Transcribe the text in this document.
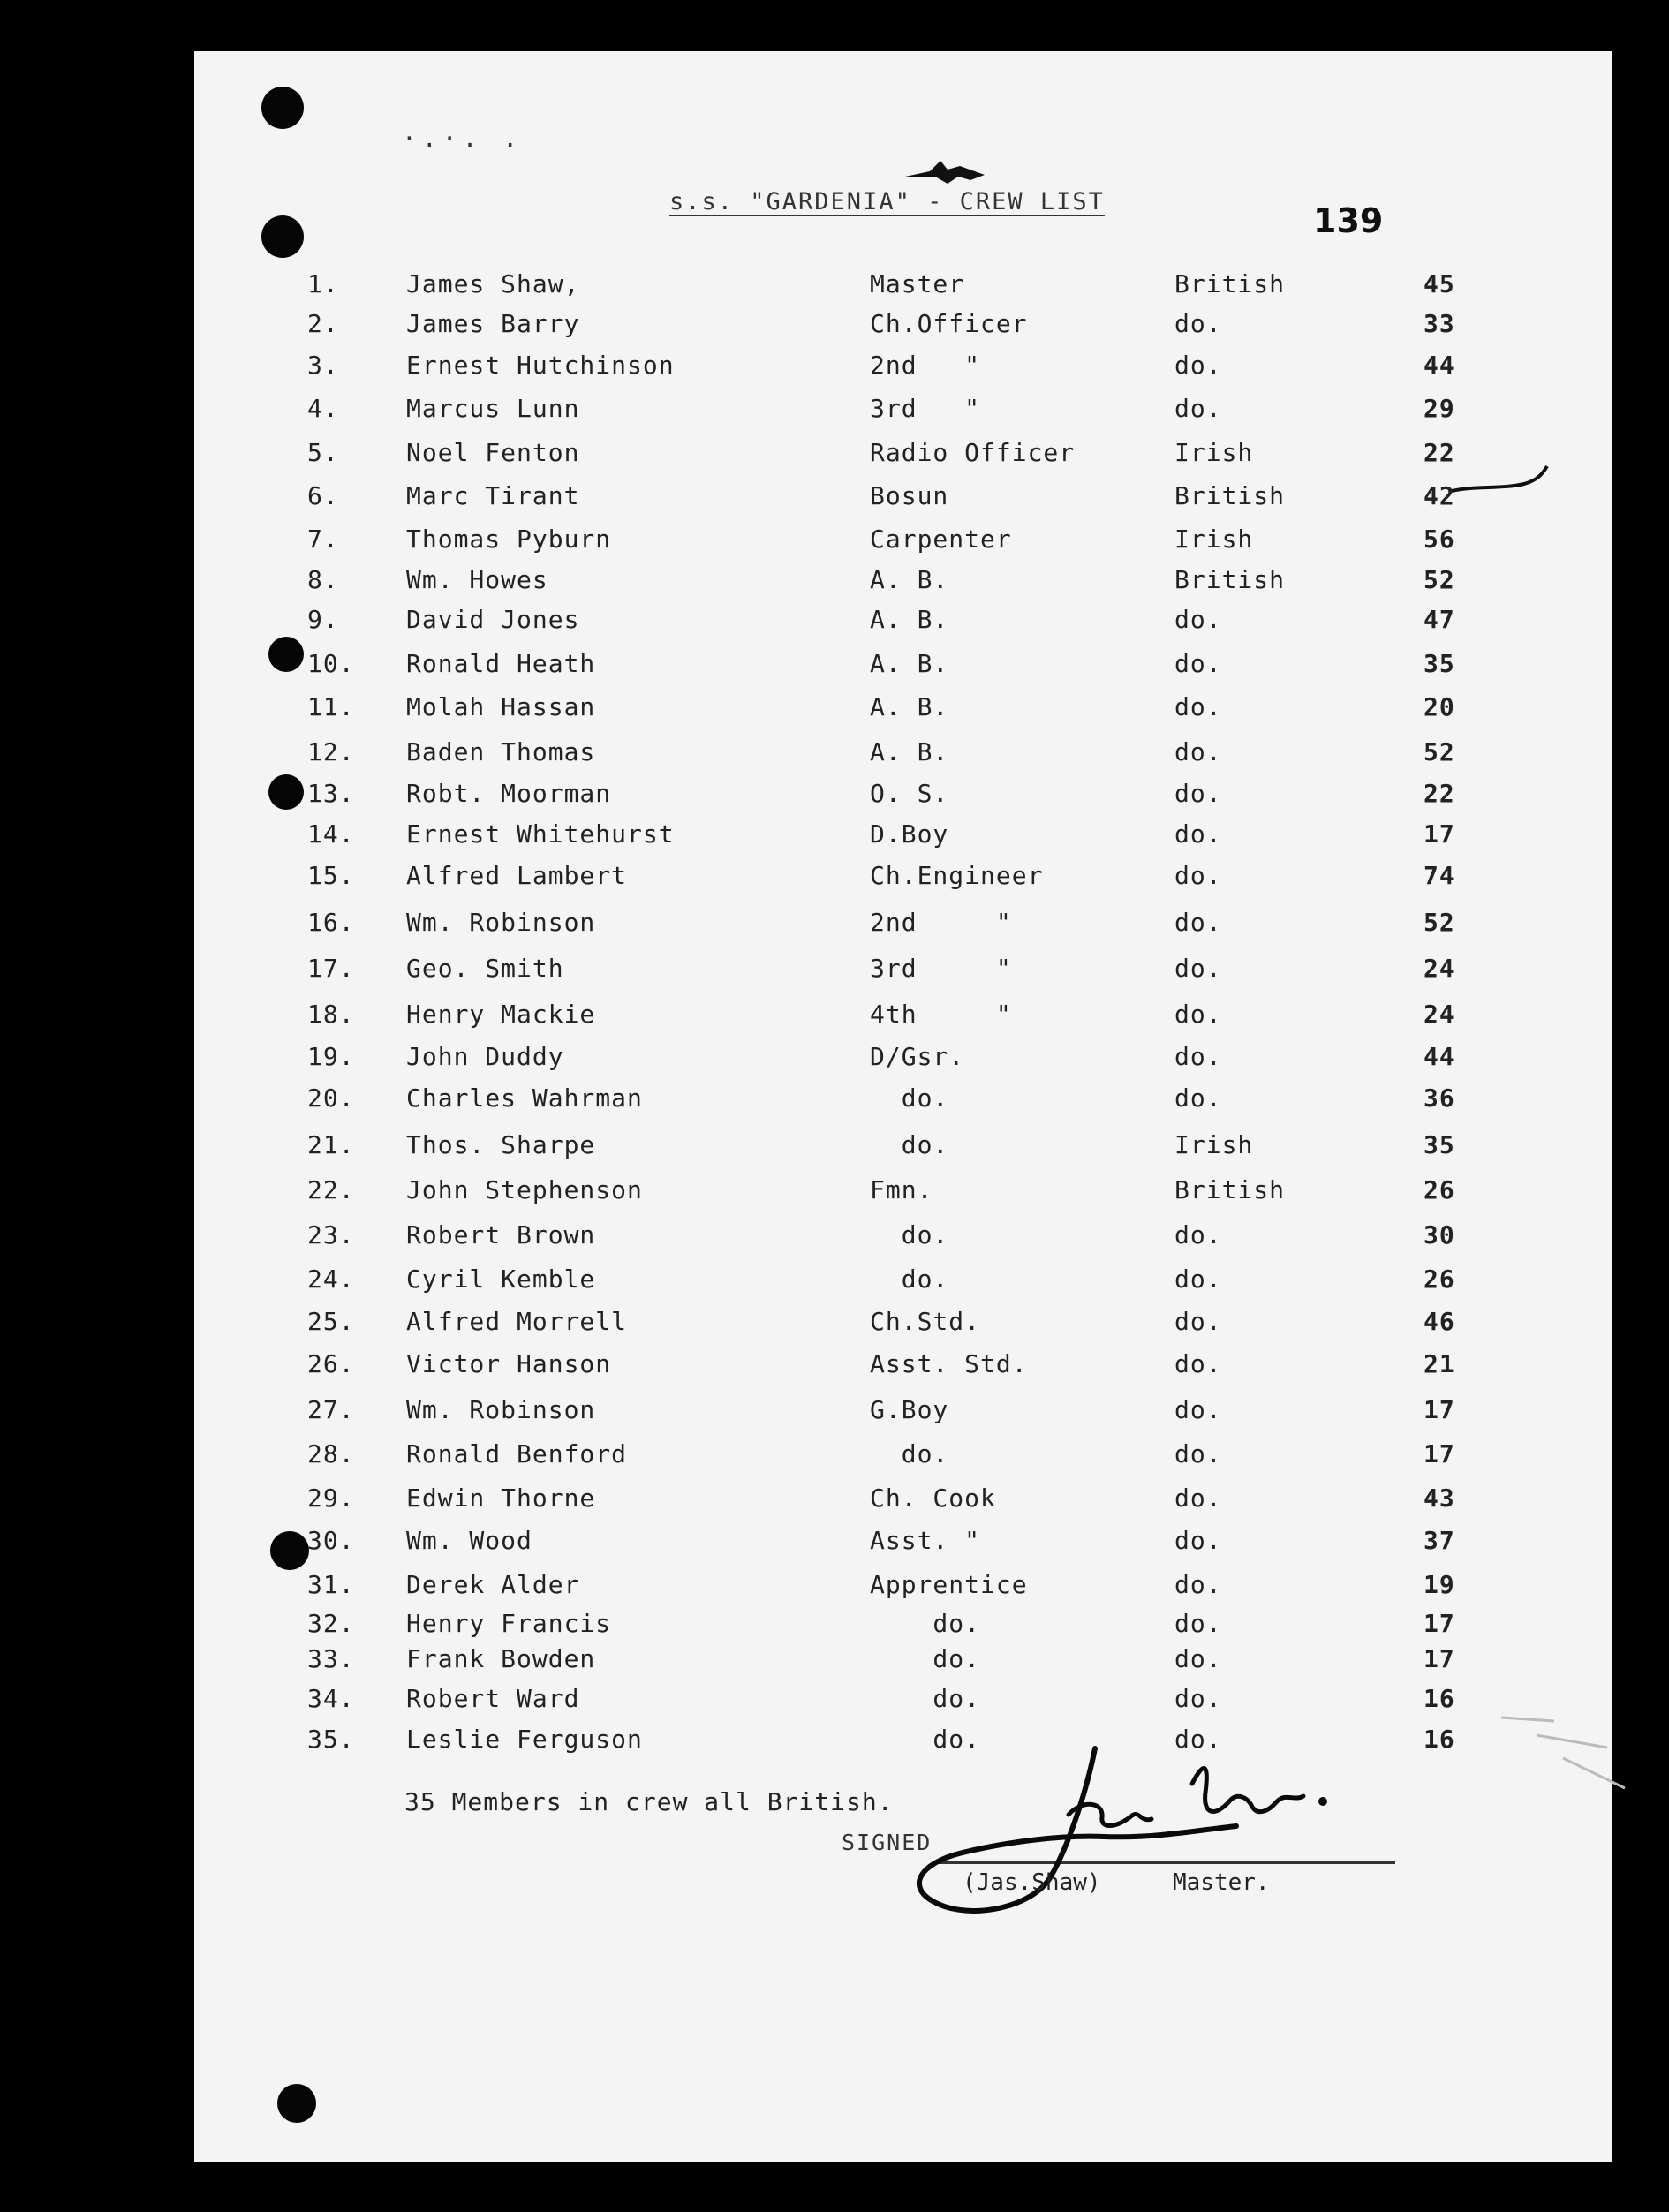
·.·. .
s.s. "GARDENIA" - CREW LIST	139
1.	James Shaw,	Master	British	45
2.	James Barry	Ch.Officer	do.	33
3.	Ernest Hutchinson	2nd   "	do.	44
4.	Marcus Lunn	3rd   "	do.	29
5.	Noel Fenton	Radio Officer	Irish	22
6.	Marc Tirant	Bosun	British	42
7.	Thomas Pyburn	Carpenter	Irish	56
8.	Wm. Howes	A. B.	British	52
9.	David Jones	A. B.	do.	47
10. Ronald Heath	A. B.	do.	35
11. Molah Hassan	A. B.	do.	20
12. Baden Thomas	A. B.	do.	52
13. Robt. Moorman	O. S.	do.	22
14. Ernest Whitehurst	D.Boy	do.	17
15. Alfred Lambert	Ch.Engineer	do.	74
16. Wm. Robinson	2nd     "	do.	52
17. Geo. Smith	3rd     "	do.	24
18. Henry Mackie	4th     "	do.	24
19. John Duddy	D/Gsr.	do.	44
20. Charles Wahrman	do.	do.	36
21. Thos. Sharpe	do.	Irish	35
22. John Stephenson	Fmn.	British	26
23. Robert Brown	do.	do.	30
24. Cyril Kemble	do.	do.	26
25. Alfred Morrell	Ch.Std.	do.	46
26. Victor Hanson	Asst. Std.	do.	21
27. Wm. Robinson	G.Boy	do.	17
28. Ronald Benford	do.	do.	17
29. Edwin Thorne	Ch. Cook	do.	43
30. Wm. Wood	Asst. "	do.	37
31. Derek Alder	Apprentice	do.	19
32. Henry Francis	do.	do.	17
33. Frank Bowden	do.	do.	17
34. Robert Ward	do.	do.	16
35. Leslie Ferguson	do.	do.	16
35 Members in crew all British.
SIGNED
(Jas.Shaw)	Master.
